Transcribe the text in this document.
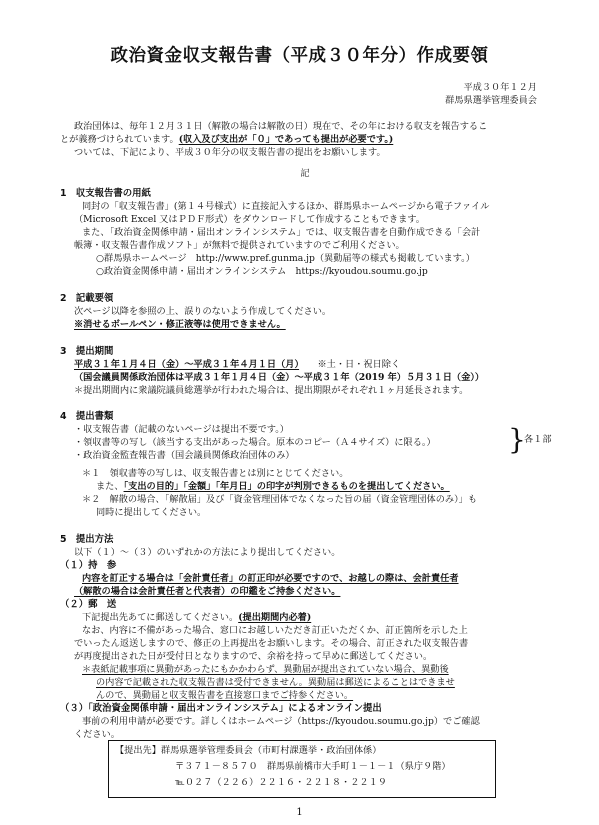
政治資金収支報告書（平成３０年分）作成要領
平成３０年１２月
群馬県選挙管理委員会
政治団体は、毎年１２月３１日（解散の場合は解散の日）現在で、その年における収支を報告するこ
とが義務づけられています。(収入及び支出が「０」であっても提出が必要です。)
ついては、下記により、平成３０年分の収支報告書の提出をお願いします。
記
1　収支報告書の用紙
同封の「収支報告書」(第１４号様式）に直接記入するほか、群馬県ホームページから電子ファイル
（Microsoft Excel 又はＰＤＦ形式）をダウンロードして作成することもできます。
また、「政治資金関係申請・届出オンラインシステム」では、収支報告書を自動作成できる「会計
帳簿・収支報告書作成ソフト」が無料で提供されていますのでご利用ください。
○群馬県ホームページ　http://www.pref.gunma.jp（異動届等の様式も掲載しています。）
○政治資金関係申請・届出オンラインシステム　https://kyoudou.soumu.go.jp
2　記載要領
次ページ以降を参照の上、誤りのないよう作成してください。
※消せるボールペン・修正液等は使用できません。
3　提出期間
平成３１年１月４日（金）～平成３１年４月１日（月）　　 ※土・日・祝日除く
（国会議員関係政治団体は平成３１年１月４日（金）～平成３１年（2019 年）５月３１日（金））
＊提出期間内に衆議院議員総選挙が行われた場合は、提出期限がそれぞれ１ヶ月延長されます。
4　提出書類
・収支報告書（記載のないページは提出不要です。）
・領収書等の写し（該当する支出があった場合。原本のコピー（Ａ４サイズ）に限る。）
・政治資金監査報告書（国会議員関係政治団体のみ）	}
各１部
＊１　領収書等の写しは、収支報告書とは別にとじてください。
また、「支出の目的」「金額」「年月日」の印字が判別できるものを提出してください。
＊２　解散の場合、「解散届」及び「資金管理団体でなくなった旨の届（資金管理団体のみ）」も
同時に提出してください。
5　提出方法
以下（１）～（３）のいずれかの方法により提出してください。
（１）持　参
内容を訂正する場合は「会計責任者」の訂正印が必要ですので、お越しの際は、会計責任者
（解散の場合は会計責任者と代表者）の印鑑をご持参ください。
（２）郵　送
下記提出先あてに郵送してください。(提出期間内必着)
なお、内容に不備があった場合、窓口にお越しいただき訂正いただくか、訂正箇所を示した上
でいったん返送しますので、修正の上再提出をお願いします。その場合、訂正された収支報告書
が再度提出された日が受付日となりますので、余裕を持って早めに郵送してください。
＊表紙記載事項に異動があったにもかかわらず、異動届が提出されていない場合、異動後
の内容で記載された収支報告書は受付できません。異動届は郵送によることはできませ
んので、異動届と収支報告書を直接窓口までご持参ください。
（３）「政治資金関係申請・届出オンラインシステム」によるオンライン提出
事前の利用申請が必要です。詳しくはホームページ（https://kyoudou.soumu.go.jp）でご確認
ください。
【提出先】群馬県選挙管理委員会（市町村課選挙・政治団体係）
〒３７１－８５７０　群馬県前橋市大手町１－１－１（県庁９階）
℡０２７（２２６）２２１６・２２１８・２２１９
1
